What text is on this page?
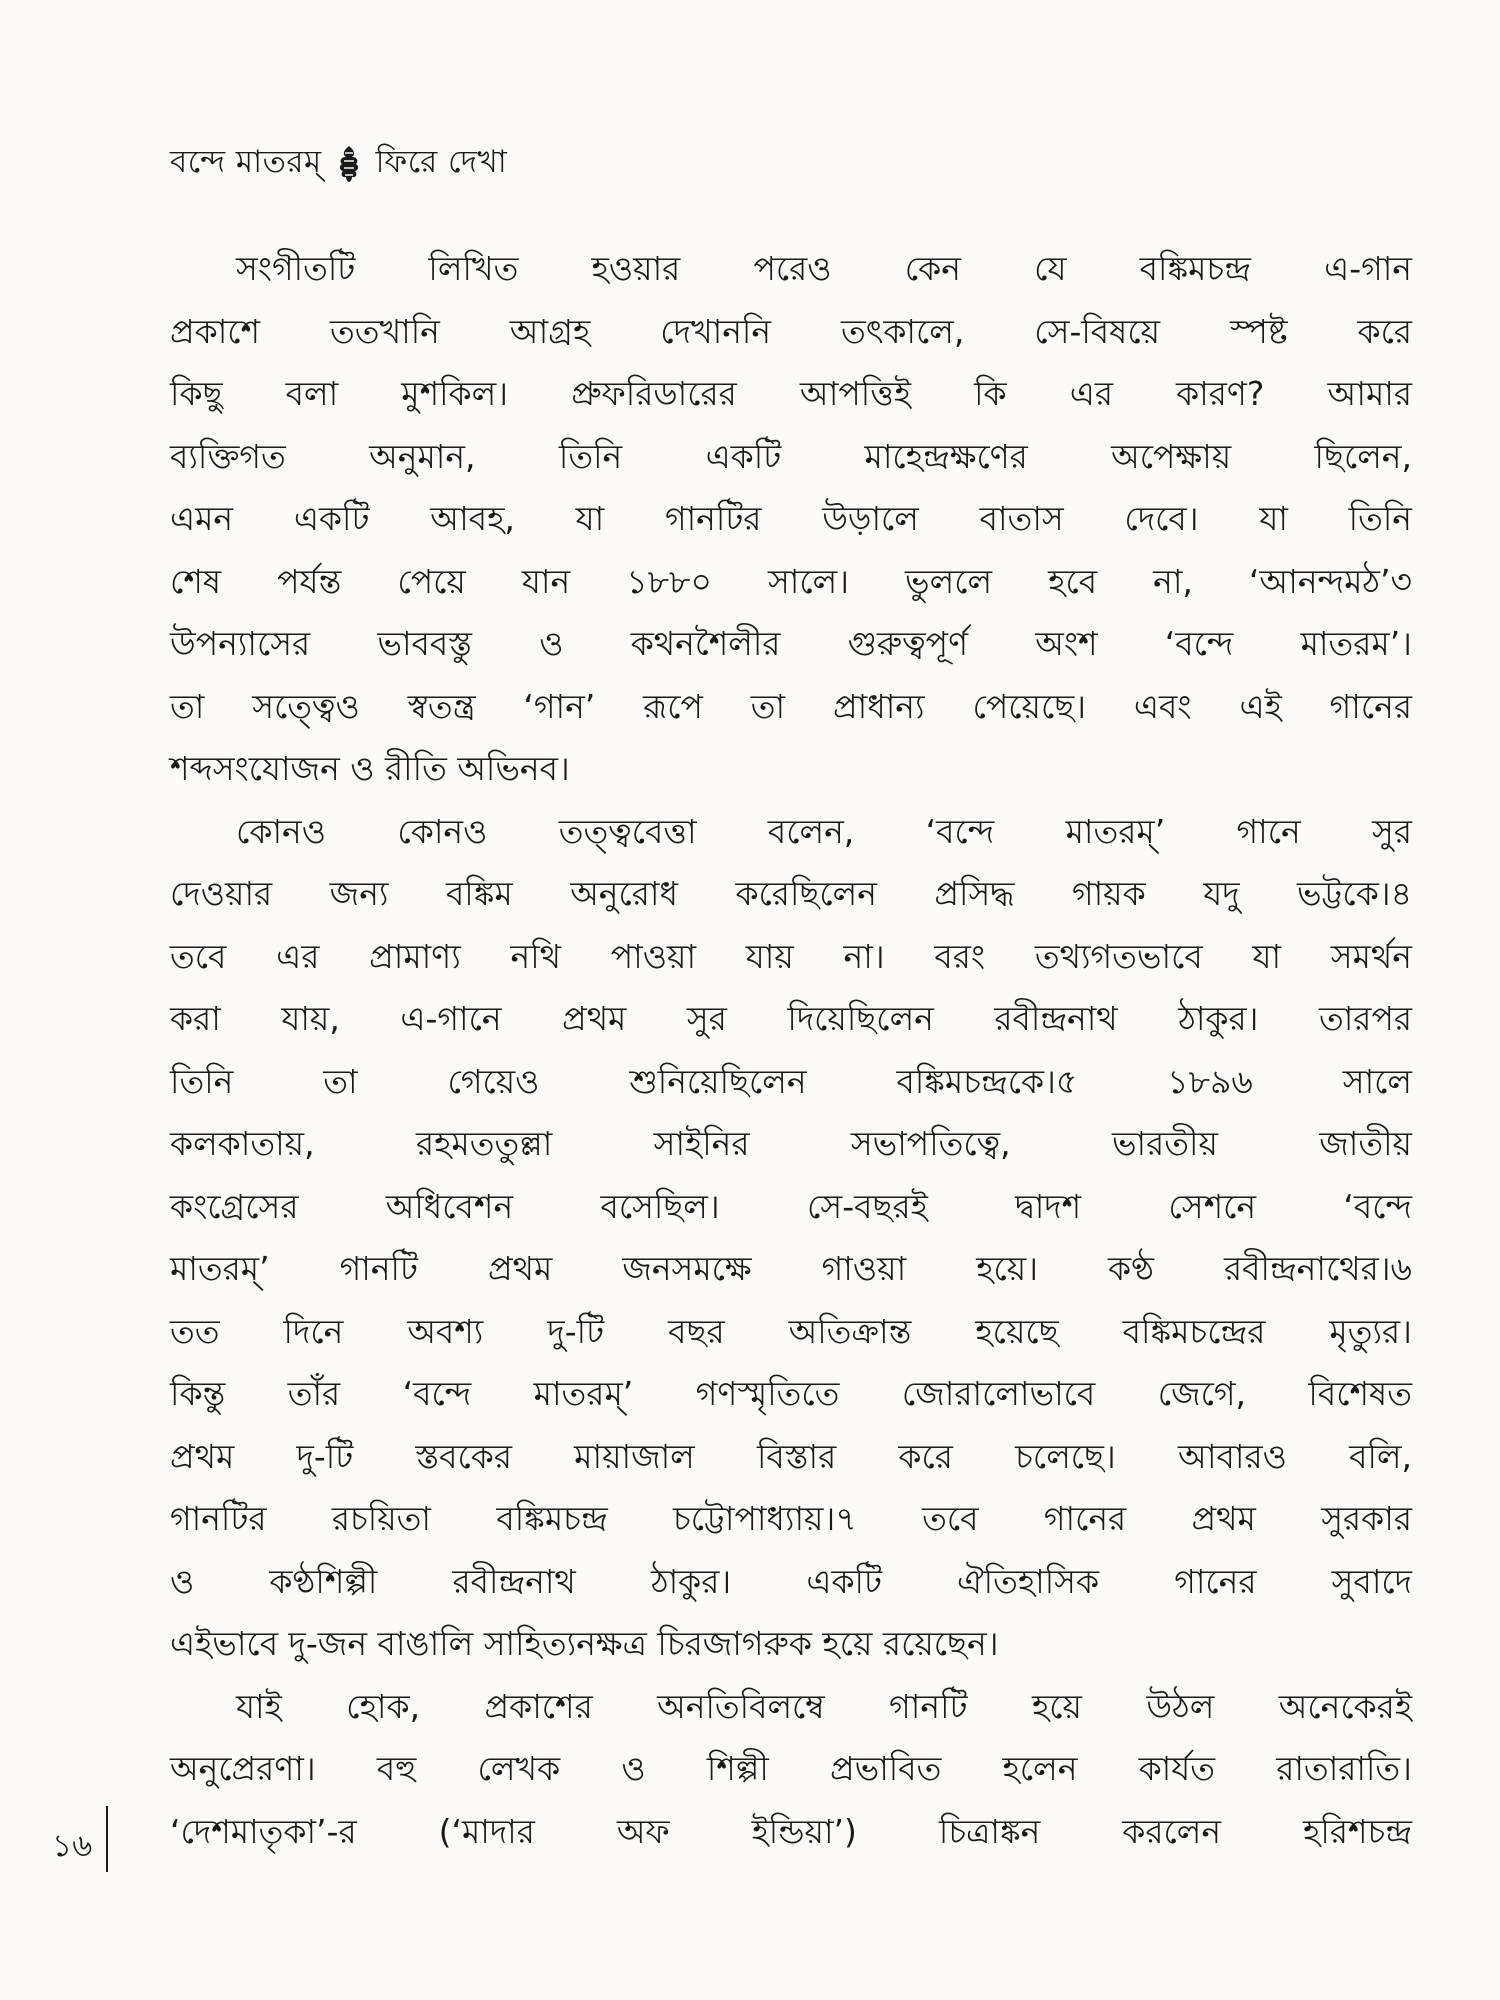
বন্দে মাতরম্ ফিরে দেখা
সংগীতটি লিখিত হওয়ার পরেও কেন যে বঙ্কিমচন্দ্র এ-গান
প্রকাশে ততখানি আগ্রহ দেখাননি তৎকালে, সে-বিষয়ে স্পষ্ট করে
কিছু বলা মুশকিল। প্রুফরিডারের আপত্তিই কি এর কারণ? আমার
ব্যক্তিগত অনুমান, তিনি একটি মাহেন্দ্রক্ষণের অপেক্ষায় ছিলেন,
এমন একটি আবহ, যা গানটির উড়ালে বাতাস দেবে। যা তিনি
শেষ পর্যন্ত পেয়ে যান ১৮৮০ সালে। ভুললে হবে না, ‘আনন্দমঠ’৩
উপন্যাসের ভাববস্তু ও কথনশৈলীর গুরুত্বপূর্ণ অংশ ‘বন্দে মাতরম’।
তা সত্ত্বেও স্বতন্ত্র ‘গান’ রূপে তা প্রাধান্য পেয়েছে। এবং এই গানের
শব্দসংযোজন ও রীতি অভিনব।
কোনও কোনও তত্ত্ববেত্তা বলেন, ‘বন্দে মাতরম্’ গানে সুর
দেওয়ার জন্য বঙ্কিম অনুরোধ করেছিলেন প্রসিদ্ধ গায়ক যদু ভট্টকে।৪
তবে এর প্রামাণ্য নথি পাওয়া যায় না। বরং তথ্যগতভাবে যা সমর্থন
করা যায়, এ-গানে প্রথম সুর দিয়েছিলেন রবীন্দ্রনাথ ঠাকুর। তারপর
তিনি তা গেয়েও শুনিয়েছিলেন বঙ্কিমচন্দ্রকে।৫ ১৮৯৬ সালে
কলকাতায়, রহমততুল্লা সাইনির সভাপতিত্বে, ভারতীয় জাতীয়
কংগ্রেসের অধিবেশন বসেছিল। সে-বছরই দ্বাদশ সেশনে ‘বন্দে
মাতরম্’ গানটি প্রথম জনসমক্ষে গাওয়া হয়ে। কণ্ঠ রবীন্দ্রনাথের।৬
তত দিনে অবশ্য দু-টি বছর অতিক্রান্ত হয়েছে বঙ্কিমচন্দ্রের মৃত্যুর।
কিন্তু তাঁর ‘বন্দে মাতরম্’ গণস্মৃতিতে জোরালোভাবে জেগে, বিশেষত
প্রথম দু-টি স্তবকের মায়াজাল বিস্তার করে চলেছে। আবারও বলি,
গানটির রচয়িতা বঙ্কিমচন্দ্র চট্টোপাধ্যায়।৭ তবে গানের প্রথম সুরকার
ও কণ্ঠশিল্পী রবীন্দ্রনাথ ঠাকুর। একটি ঐতিহাসিক গানের সুবাদে
এইভাবে দু-জন বাঙালি সাহিত্যনক্ষত্র চিরজাগরুক হয়ে রয়েছেন।
যাই হোক, প্রকাশের অনতিবিলম্বে গানটি হয়ে উঠল অনেকেরই
অনুপ্রেরণা। বহু লেখক ও শিল্পী প্রভাবিত হলেন কার্যত রাতারাতি।
‘দেশমাতৃকা’-র (‘মাদার অফ ইন্ডিয়া’) চিত্রাঙ্কন করলেন হরিশচন্দ্র
১৬
